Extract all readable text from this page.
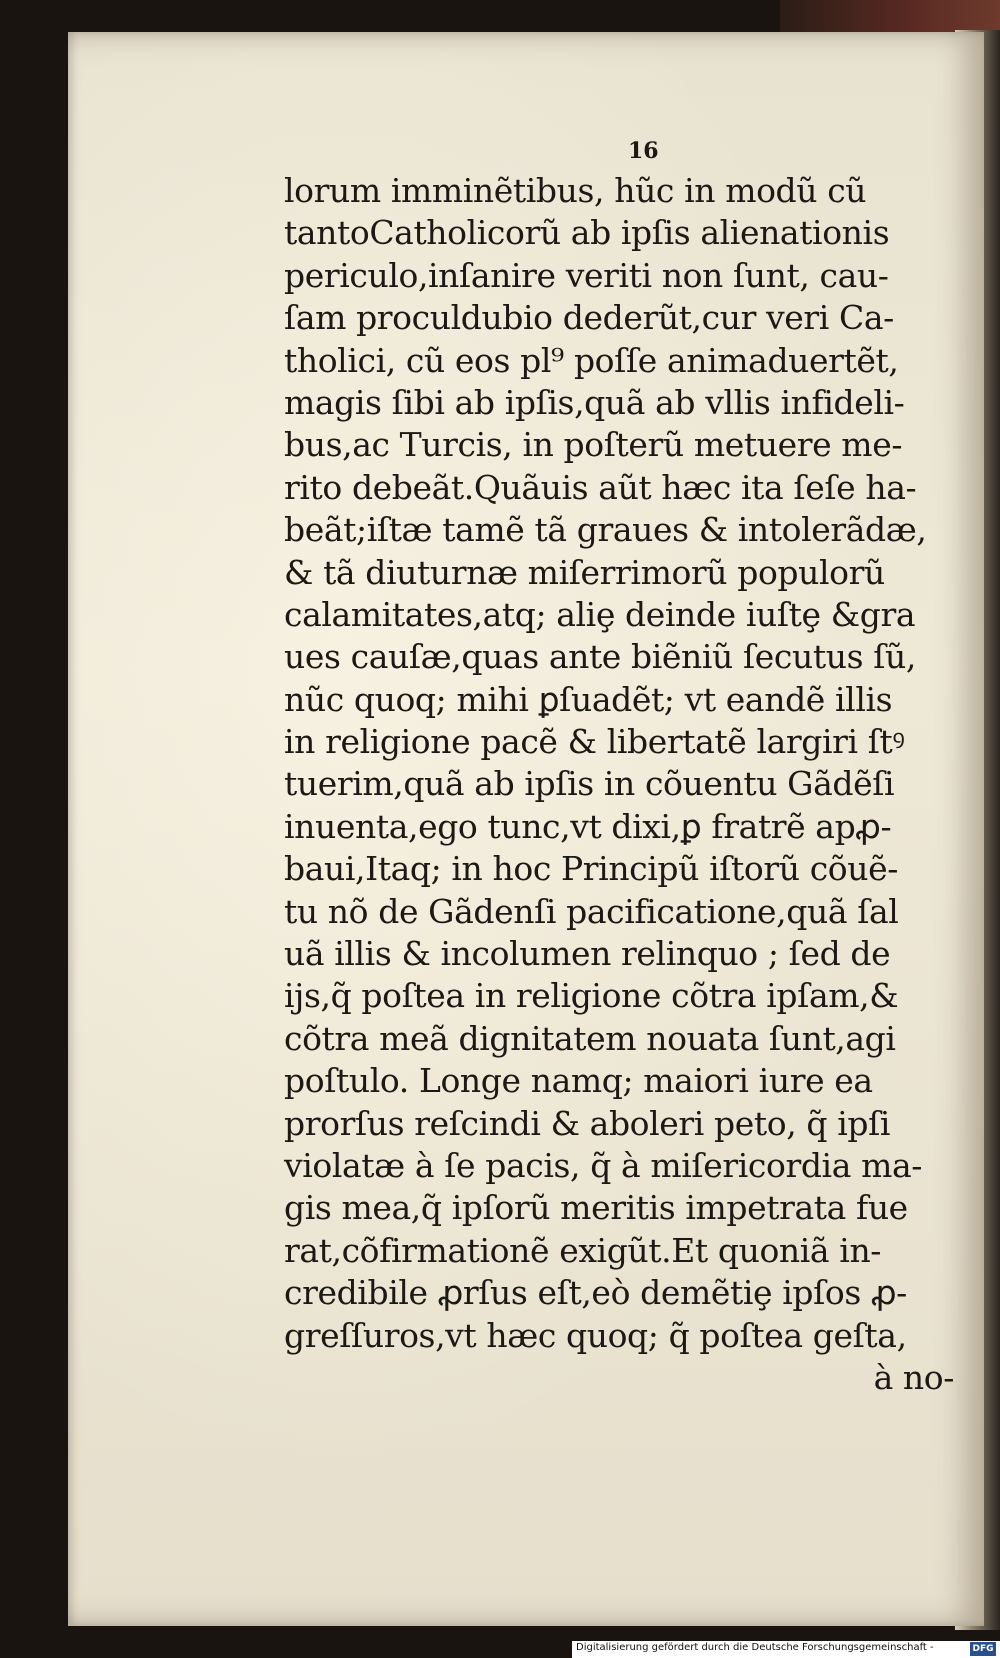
16
lorum imminẽtibus, hũc in modũ cũ
tantoCatholicorũ ab ipſis alienationis
periculo,inſanire veriti non ſunt, cau-
ſam proculdubio dederũt,cur veri Ca-
tholici, cũ eos pl⁹ poſſe animaduertẽt,
magis ſibi ab ipſis,quã ab vllis infideli-
bus,ac Turcis, in poſterũ metuere me-
rito debeãt.Quãuis aũt hæc ita ſeſe ha-
beãt;iſtæ tamẽ tã graues & intolerãdæ,
& tã diuturnæ miſerrimorũ populorũ
calamitates,atq; aliȩ deinde iuſtȩ &gra
ues cauſæ,quas ante biẽniũ ſecutus ſũ,
nũc quoq; mihi ꝑſuadẽt; vt eandẽ illis
in religione pacẽ & libertatẽ largiri ſtꝰ
tuerim,quã ab ipſis in cõuentu Gãdẽſi
inuenta,ego tunc,vt dixi,ꝑ fratrẽ apꝓ-
baui,Itaq; in hoc Principũ iſtorũ cõuẽ-
tu nõ de Gãdenſi pacificatione,quã ſal
uã illis & incolumen relinquo ; ſed de
ijs,q̃ poſtea in religione cõtra ipſam,&
cõtra meã dignitatem nouata ſunt,agi
poſtulo. Longe namq; maiori iure ea
prorſus reſcindi & aboleri peto, q̃ ipſi
violatæ à ſe pacis, q̃ à miſericordia ma-
gis mea,q̃ ipſorũ meritis impetrata fue
rat,cõfirmationẽ exigũt.Et quoniã in-
credibile ꝓrſus eſt,eò demẽtiȩ ipſos ꝓ-
greſſuros,vt hæc quoq; q̃ poſtea geſta,
à no-
Digitalisierung gefördert durch die Deutsche Forschungsgemeinschaft -	DFG
